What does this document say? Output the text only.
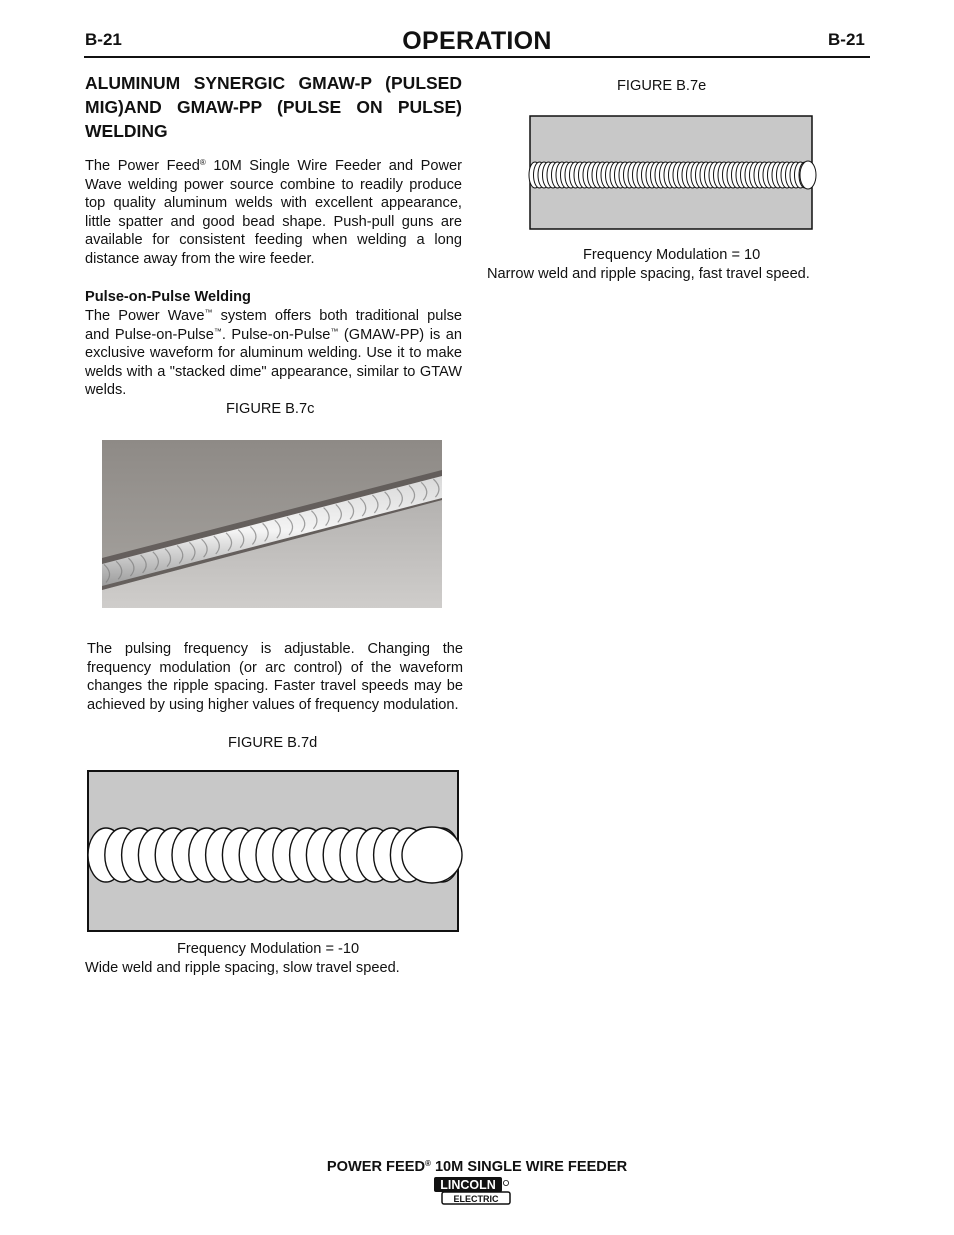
B-21	OPERATION	B-21
ALUMINUM SYNERGIC GMAW-P (PULSED MIG)AND GMAW-PP (PULSE ON PULSE) WELDING
The Power Feed® 10M Single Wire Feeder and Power Wave welding power source combine to readily produce top quality aluminum welds with excellent appearance, little spatter and good bead shape. Push-pull guns are available for consistent feeding when welding a long distance away from the wire feeder.
Pulse-on-Pulse Welding
The Power Wave™ system offers both traditional pulse and Pulse-on-Pulse™. Pulse-on-Pulse™ (GMAW-PP) is an exclusive waveform for aluminum welding. Use it to make welds with a "stacked dime" appearance, similar to GTAW welds.
FIGURE B.7c
The pulsing frequency is adjustable. Changing the frequency modulation (or arc control) of the waveform changes the ripple spacing. Faster travel speeds may be achieved by using higher values of frequency modulation.
FIGURE B.7d
Frequency Modulation = -10
Wide weld and ripple spacing, slow travel speed.
FIGURE B.7e
Frequency Modulation = 10
Narrow weld and ripple spacing, fast travel speed.
POWER FEED® 10M SINGLE WIRE FEEDER
LINCOLN
ELECTRIC
